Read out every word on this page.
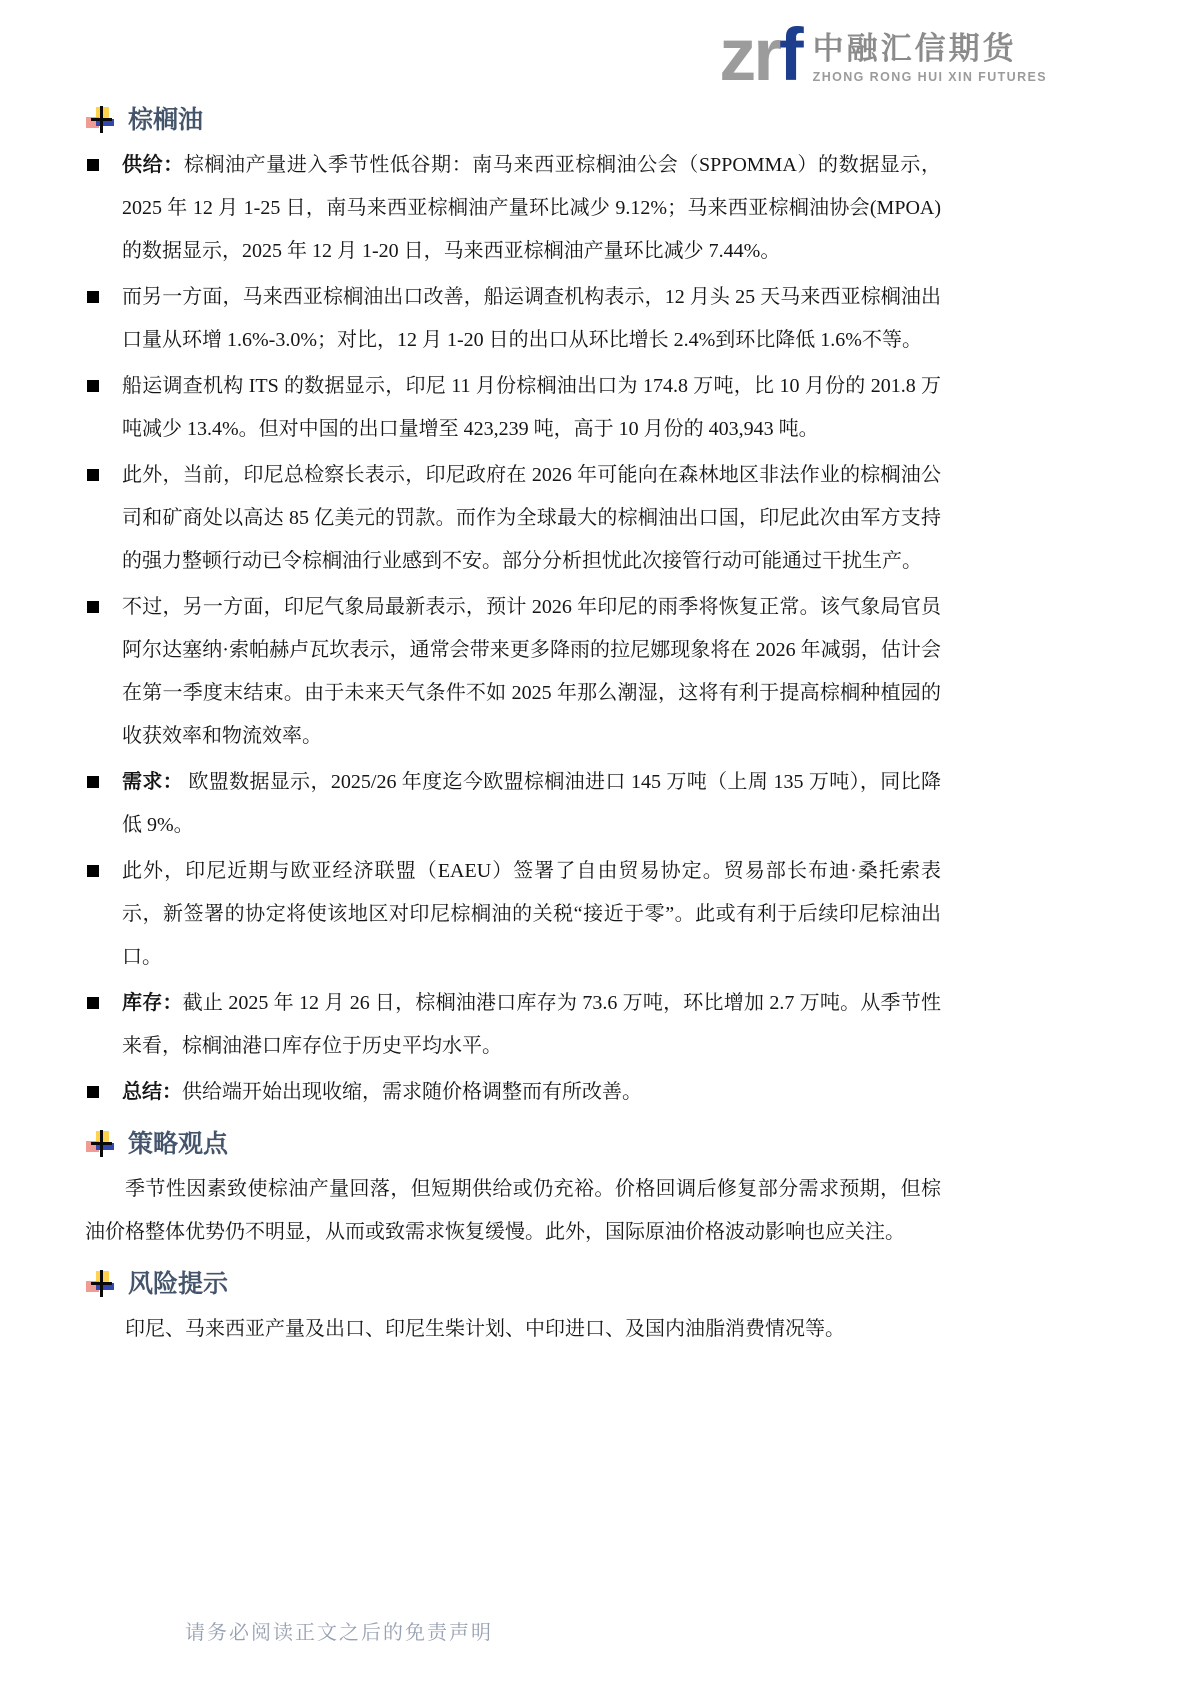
zrf 中融汇信期货
ZHONG RONG HUI XIN FUTURES
棕榈油
供给：棕榈油产量进入季节性低谷期：南马来西亚棕榈油公会（SPPOMMA）的数据显示，2025 年 12 月 1-25 日，南马来西亚棕榈油产量环比减少 9.12%；马来西亚棕榈油协会(MPOA)的数据显示，2025 年 12 月 1-20 日，马来西亚棕榈油产量环比减少 7.44%。
而另一方面，马来西亚棕榈油出口改善，船运调查机构表示，12 月头 25 天马来西亚棕榈油出口量从环增 1.6%-3.0%；对比，12 月 1-20 日的出口从环比增长 2.4%到环比降低 1.6%不等。
船运调查机构 ITS 的数据显示，印尼 11 月份棕榈油出口为 174.8 万吨，比 10 月份的 201.8 万吨减少 13.4%。但对中国的出口量增至 423,239 吨，高于 10 月份的 403,943 吨。
此外，当前，印尼总检察长表示，印尼政府在 2026 年可能向在森林地区非法作业的棕榈油公司和矿商处以高达 85 亿美元的罚款。而作为全球最大的棕榈油出口国，印尼此次由军方支持的强力整顿行动已令棕榈油行业感到不安。部分分析担忧此次接管行动可能通过干扰生产。
不过，另一方面，印尼气象局最新表示，预计 2026 年印尼的雨季将恢复正常。该气象局官员阿尔达塞纳·索帕赫卢瓦坎表示，通常会带来更多降雨的拉尼娜现象将在 2026 年减弱，估计会在第一季度末结束。由于未来天气条件不如 2025 年那么潮湿，这将有利于提高棕榈种植园的收获效率和物流效率。
需求： 欧盟数据显示，2025/26 年度迄今欧盟棕榈油进口 145 万吨（上周 135 万吨），同比降低 9%。
此外，印尼近期与欧亚经济联盟（EAEU）签署了自由贸易协定。贸易部长布迪·桑托索表示，新签署的协定将使该地区对印尼棕榈油的关税“接近于零”。此或有利于后续印尼棕油出口。
库存：截止 2025 年 12 月 26 日，棕榈油港口库存为 73.6 万吨，环比增加 2.7 万吨。从季节性来看，棕榈油港口库存位于历史平均水平。
总结：供给端开始出现收缩，需求随价格调整而有所改善。
策略观点

季节性因素致使棕油产量回落，但短期供给或仍充裕。价格回调后修复部分需求预期，但棕油价格整体优势仍不明显，从而或致需求恢复缓慢。此外，国际原油价格波动影响也应关注。

风险提示

印尼、马来西亚产量及出口、印尼生柴计划、中印进口、及国内油脂消费情况等。

请务必阅读正文之后的免责声明
